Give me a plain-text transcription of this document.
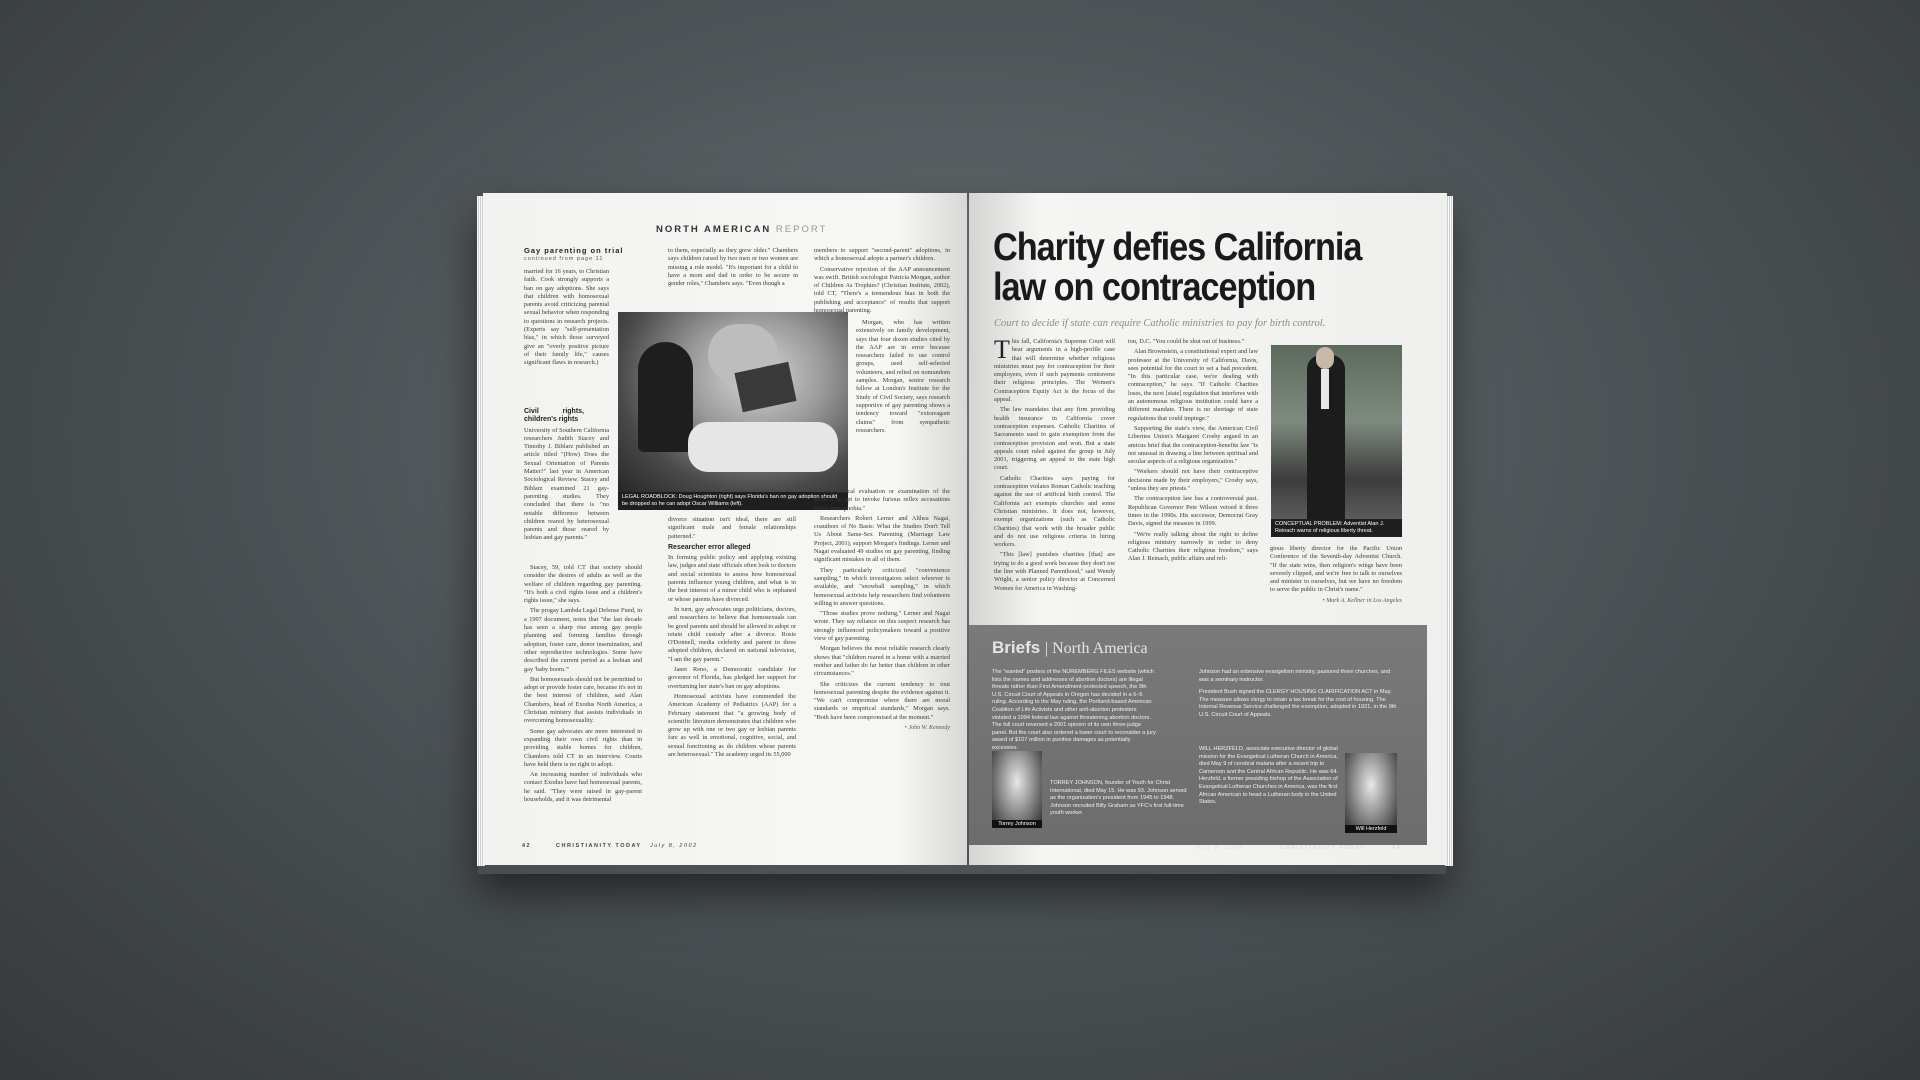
NORTH AMERICAN REPORT
Gay parenting on trial
continued from page 11

married for 16 years, to Christian faith. Cook strongly supports a ban on gay adoptions. She says that children with homosexual parents avoid criticizing parental sexual behavior when responding to questions in research projects. (Experts say "self-presentation bias," in which those surveyed give an "overly positive picture of their family life," causes significant flaws in research.)

Civil rights, children's rights

University of Southern California researchers Judith Stacey and Timothy J. Biblarz published an article titled "(How) Does the Sexual Orientation of Parents Matter?" last year in American Sociological Review. Stacey and Biblarz examined 21 gay-parenting studies. They concluded that there is "no notable difference between children reared by heterosexual parents and those reared by lesbian and gay parents."

Stacey, 59, told CT that society should consider the desires of adults as well as the welfare of children regarding gay parenting. "It's both a civil rights issue and a children's rights issue," she says.

The progay Lambda Legal Defense Fund, in a 1997 document, notes that "the last decade has seen a sharp rise among gay people planning and forming families through adoption, foster care, donor insemination, and other reproductive technologies. Some have described the current period as a lesbian and gay 'baby boom.'"

But homosexuals should not be permitted to adopt or provide foster care, because it's not in the best interest of children, said Alan Chambers, head of Exodus North America, a Christian ministry that assists individuals in overcoming homosexuality.

Some gay advocates are more interested in expanding their own civil rights than in providing stable homes for children, Chambers told CT in an interview. Courts have held there is no right to adopt.

An increasing number of individuals who contact Exodus have had homosexual parents, he said. "They were raised in gay-parent households, and it was detrimental

to them, especially as they grew older." Chambers says children raised by two men or two women are missing a role model. "It's important for a child to have a mom and dad in order to be secure in gender roles," Chambers says. "Even though a

LEGAL ROADBLOCK: Doug Houghton (right) says Florida's ban on gay adoption should be dropped so he can adopt Oscar Williams (left).

divorce situation isn't ideal, there are still significant male and female relationships patterned."

Researcher error alleged

In forming public policy and applying existing law, judges and state officials often look to doctors and social scientists to assess how homosexual parents influence young children, and what is in the best interest of a minor child who is orphaned or whose parents have divorced.

In turn, gay advocates urge politicians, doctors, and researchers to believe that homosexuals can be good parents and should be allowed to adopt or retain child custody after a divorce. Rosie O'Donnell, media celebrity and parent to three adopted children, declared on national television, "I am the gay parent."

Janet Reno, a Democratic candidate for governor of Florida, has pledged her support for overturning her state's ban on gay adoptions.

Homosexual activists have commended the American Academy of Pediatrics (AAP) for a February statement that "a growing body of scientific literature demonstrates that children who grow up with one or two gay or lesbian parents fare as well in emotional, cognitive, social, and sexual functioning as do children whose parents are heterosexual." The academy urged its 55,000

members to support "second-parent" adoptions, in which a homosexual adopts a partner's children.

Conservative rejection of the AAP announcement was swift. British sociologist Patricia Morgan, author of Children As Trophies? (Christian Institute, 2002), told CT, "There's a tremendous bias in both the publishing and acceptance" of results that support homosexual parenting.

Morgan, who has written extensively on family development, says that four dozen studies cited by the AAP are in error because researchers failed to use control groups, used self-selected volunteers, and relied on nonrandom samples. Morgan, senior research fellow at London's Institute for the Study of Civil Society, says research supportive of gay parenting shows a tendency toward "extravagant claims" from sympathetic researchers.

"Any critical evaluation or examination of the work ... is apt to invoke furious reflex accusations about homophobia."

Researchers Robert Lerner and Althea Nagai, coauthors of No Basis: What the Studies Don't Tell Us About Same-Sex Parenting (Marriage Law Project, 2001), support Morgan's findings. Lerner and Nagai evaluated 49 studies on gay parenting, finding significant mistakes in all of them.

They particularly criticized "convenience sampling," in which investigators select whoever is available, and "snowball sampling," in which homosexual activists help researchers find volunteers willing to answer questions.

"Those studies prove nothing," Lerner and Nagai wrote. They say reliance on this suspect research has strongly influenced policymakers toward a positive view of gay parenting.

Morgan believes the most reliable research clearly shows that "children reared in a home with a married mother and father do far better than children in other circumstances."

She criticizes the current tendency to tout homosexual parenting despite the evidence against it. "We can't compromise where there are moral standards or empirical standards," Morgan says. "Both have been compromised at the moment."

• John W. Kennedy
42	CHRISTIANITY TODAY July 8, 2002
Charity defies California law on contraception
Court to decide if state can require Catholic ministries to pay for birth control.

This fall, California's Supreme Court will hear arguments in a high-profile case that will determine whether religious ministries must pay for contraception for their employees, even if such payments contravene their religious principles. The Women's Contraception Equity Act is the focus of the appeal.

The law mandates that any firm providing health insurance in California cover contraception expenses. Catholic Charities of Sacramento sued to gain exemption from the contraception provision and won. But a state appeals court ruled against the group in July 2001, triggering an appeal to the state high court.

Catholic Charities says paying for contraception violates Roman Catholic teaching against the use of artificial birth control. The California act exempts churches and some Christian ministries. It does not, however, exempt organizations (such as Catholic Charities) that work with the broader public and do not use religious criteria in hiring workers.

"This [law] punishes charities [that] are trying to do a good work because they don't toe the line with Planned Parenthood," said Wendy Wright, a senior policy director at Concerned Women for America in Washing-

ton, D.C. "You could be shut out of business."

Alan Brownstein, a constitutional expert and law professor at the University of California, Davis, sees potential for the court to set a bad precedent. "In this particular case, we're dealing with contraception," he says. "If Catholic Charities loses, the next [state] regulation that interferes with an autonomous religious institution could have a different mandate. There is no shortage of state regulations that could impinge."

Supporting the state's view, the American Civil Liberties Union's Margaret Crosby argued in an amicus brief that the contraception-benefits law "is not unusual in drawing a line between spiritual and secular aspects of a religious organization."

"Workers should not have their contraceptive decisions made by their employers," Crosby says, "unless they are priests."

The contraception law has a controversial past. Republican Governor Pete Wilson vetoed it three times in the 1990s. His successor, Democrat Gray Davis, signed the measure in 1999.

"We're really talking about the right to define religious ministry narrowly in order to deny Catholic Charities their religious freedom," says Alan J. Reinach, public affairs and reli-

CONCEPTUAL PROBLEM: Adventist Alan J. Reinach warns of religious liberty threat.

gious liberty director for the Pacific Union Conference of the Seventh-day Adventist Church. "If the state wins, then religion's wings have been severely clipped, and we're free to talk to ourselves and minister to ourselves, but we have no freedom to serve the public in Christ's name."

• Mark A. Kellner in Los Angeles
Briefs | North America

The "wanted" posters of the NUREMBERG FILES website (which lists the names and addresses of abortion doctors) are illegal threats rather than First Amendment-protected speech, the 9th U.S. Circuit Court of Appeals in Oregon has decided in a 6–5 ruling. According to the May ruling, the Portland-based American Coalition of Life Activists and other anti-abortion protesters violated a 1994 federal law against threatening abortion doctors. The full court reversed a 2001 opinion of its own three-judge panel. But the court also ordered a lower court to reconsider a jury award of $107 million in punitive damages as potentially excessive.

TORREY JOHNSON, founder of Youth for Christ International, died May 15. He was 93. Johnson served as the organization's president from 1945 to 1948. Johnson recruited Billy Graham as YFC's first full-time youth worker.

Torrey Johnson

Johnson had an extensive evangelism ministry, pastored three churches, and was a seminary instructor.

President Bush signed the CLERGY HOUSING CLARIFICATION ACT in May. The measure allows clergy to retain a tax break for the cost of housing. The Internal Revenue Service challenged the exemption, adopted in 1921, in the 9th U.S. Circuit Court of Appeals.

WILL HERZFELD, associate executive director of global mission for the Evangelical Lutheran Church in America, died May 9 of cerebral malaria after a recent trip to Cameroon and the Central African Republic. He was 64. Herzfeld, a former presiding bishop of the Association of Evangelical Lutheran Churches in America, was the first African American to head a Lutheran body in the United States.

Will Herzfeld
July 8, 2002	CHRISTIANITY TODAY	43
